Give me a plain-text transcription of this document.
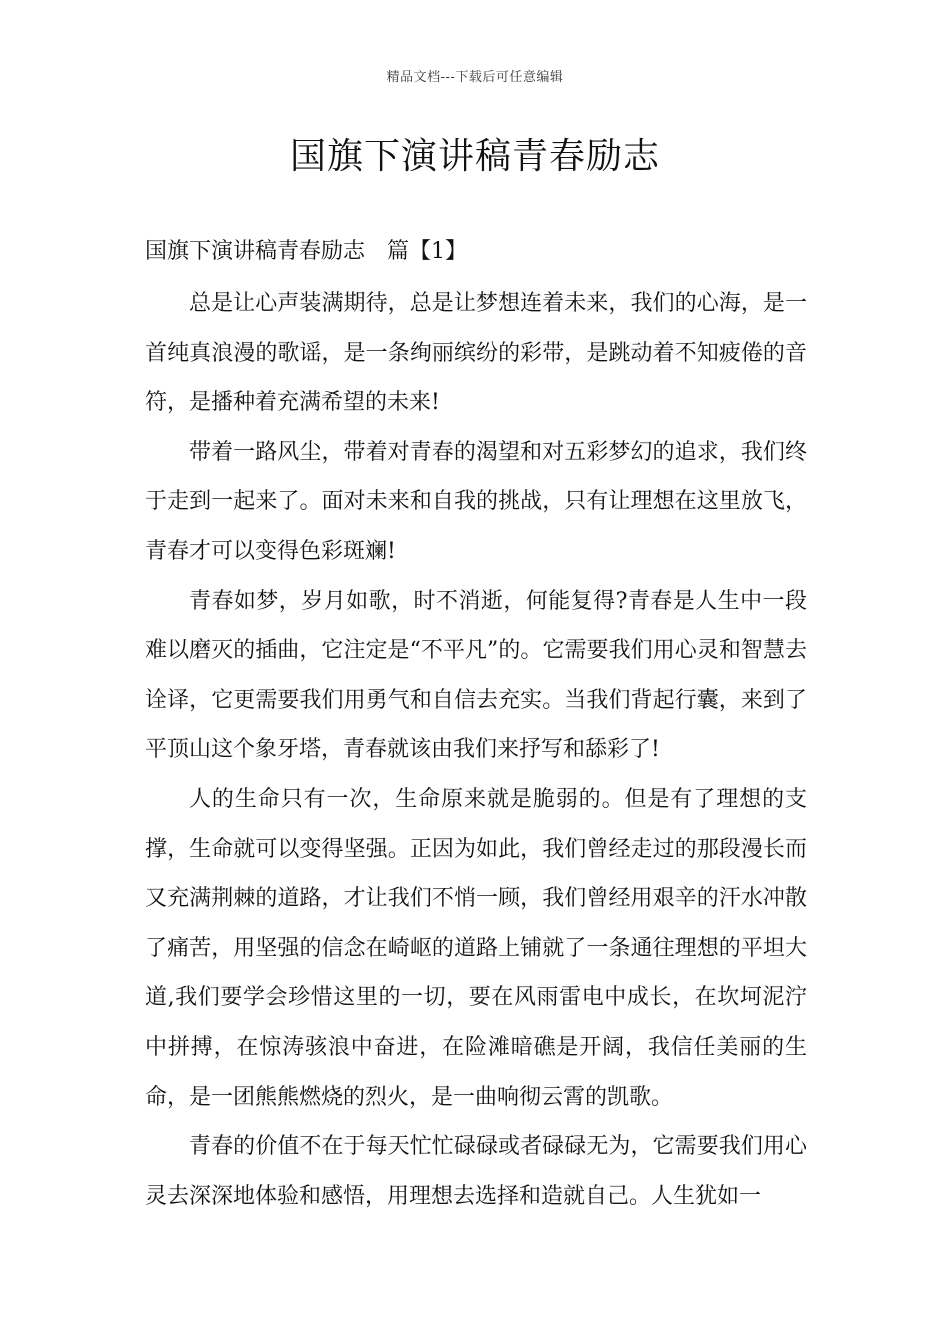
精品文档---下载后可任意编辑
国旗下演讲稿青春励志
国旗下演讲稿青春励志　篇【1】

总是让心声装满期待，总是让梦想连着未来，我们的心海，是一首纯真浪漫的歌谣，是一条绚丽缤纷的彩带，是跳动着不知疲倦的音符，是播种着充满希望的未来!

带着一路风尘，带着对青春的渴望和对五彩梦幻的追求，我们终于走到一起来了。面对未来和自我的挑战，只有让理想在这里放飞，青春才可以变得色彩斑斓!

青春如梦，岁月如歌，时不消逝，何能复得?青春是人生中一段难以磨灭的插曲，它注定是“不平凡”的。它需要我们用心灵和智慧去诠译，它更需要我们用勇气和自信去充实。当我们背起行囊，来到了平顶山这个象牙塔，青春就该由我们来抒写和舔彩了!

人的生命只有一次，生命原来就是脆弱的。但是有了理想的支撑，生命就可以变得坚强。正因为如此，我们曾经走过的那段漫长而又充满荆棘的道路，才让我们不悄一顾，我们曾经用艰辛的汗水冲散了痛苦，用坚强的信念在崎岖的道路上铺就了一条通往理想的平坦大道,我们要学会珍惜这里的一切，要在风雨雷电中成长，在坎坷泥泞中拼搏，在惊涛骇浪中奋进，在险滩暗礁是开阔，我信任美丽的生命，是一团熊熊燃烧的烈火，是一曲响彻云霄的凯歌。

青春的价值不在于每天忙忙碌碌或者碌碌无为，它需要我们用心灵去深深地体验和感悟，用理想去选择和造就自己。人生犹如一
